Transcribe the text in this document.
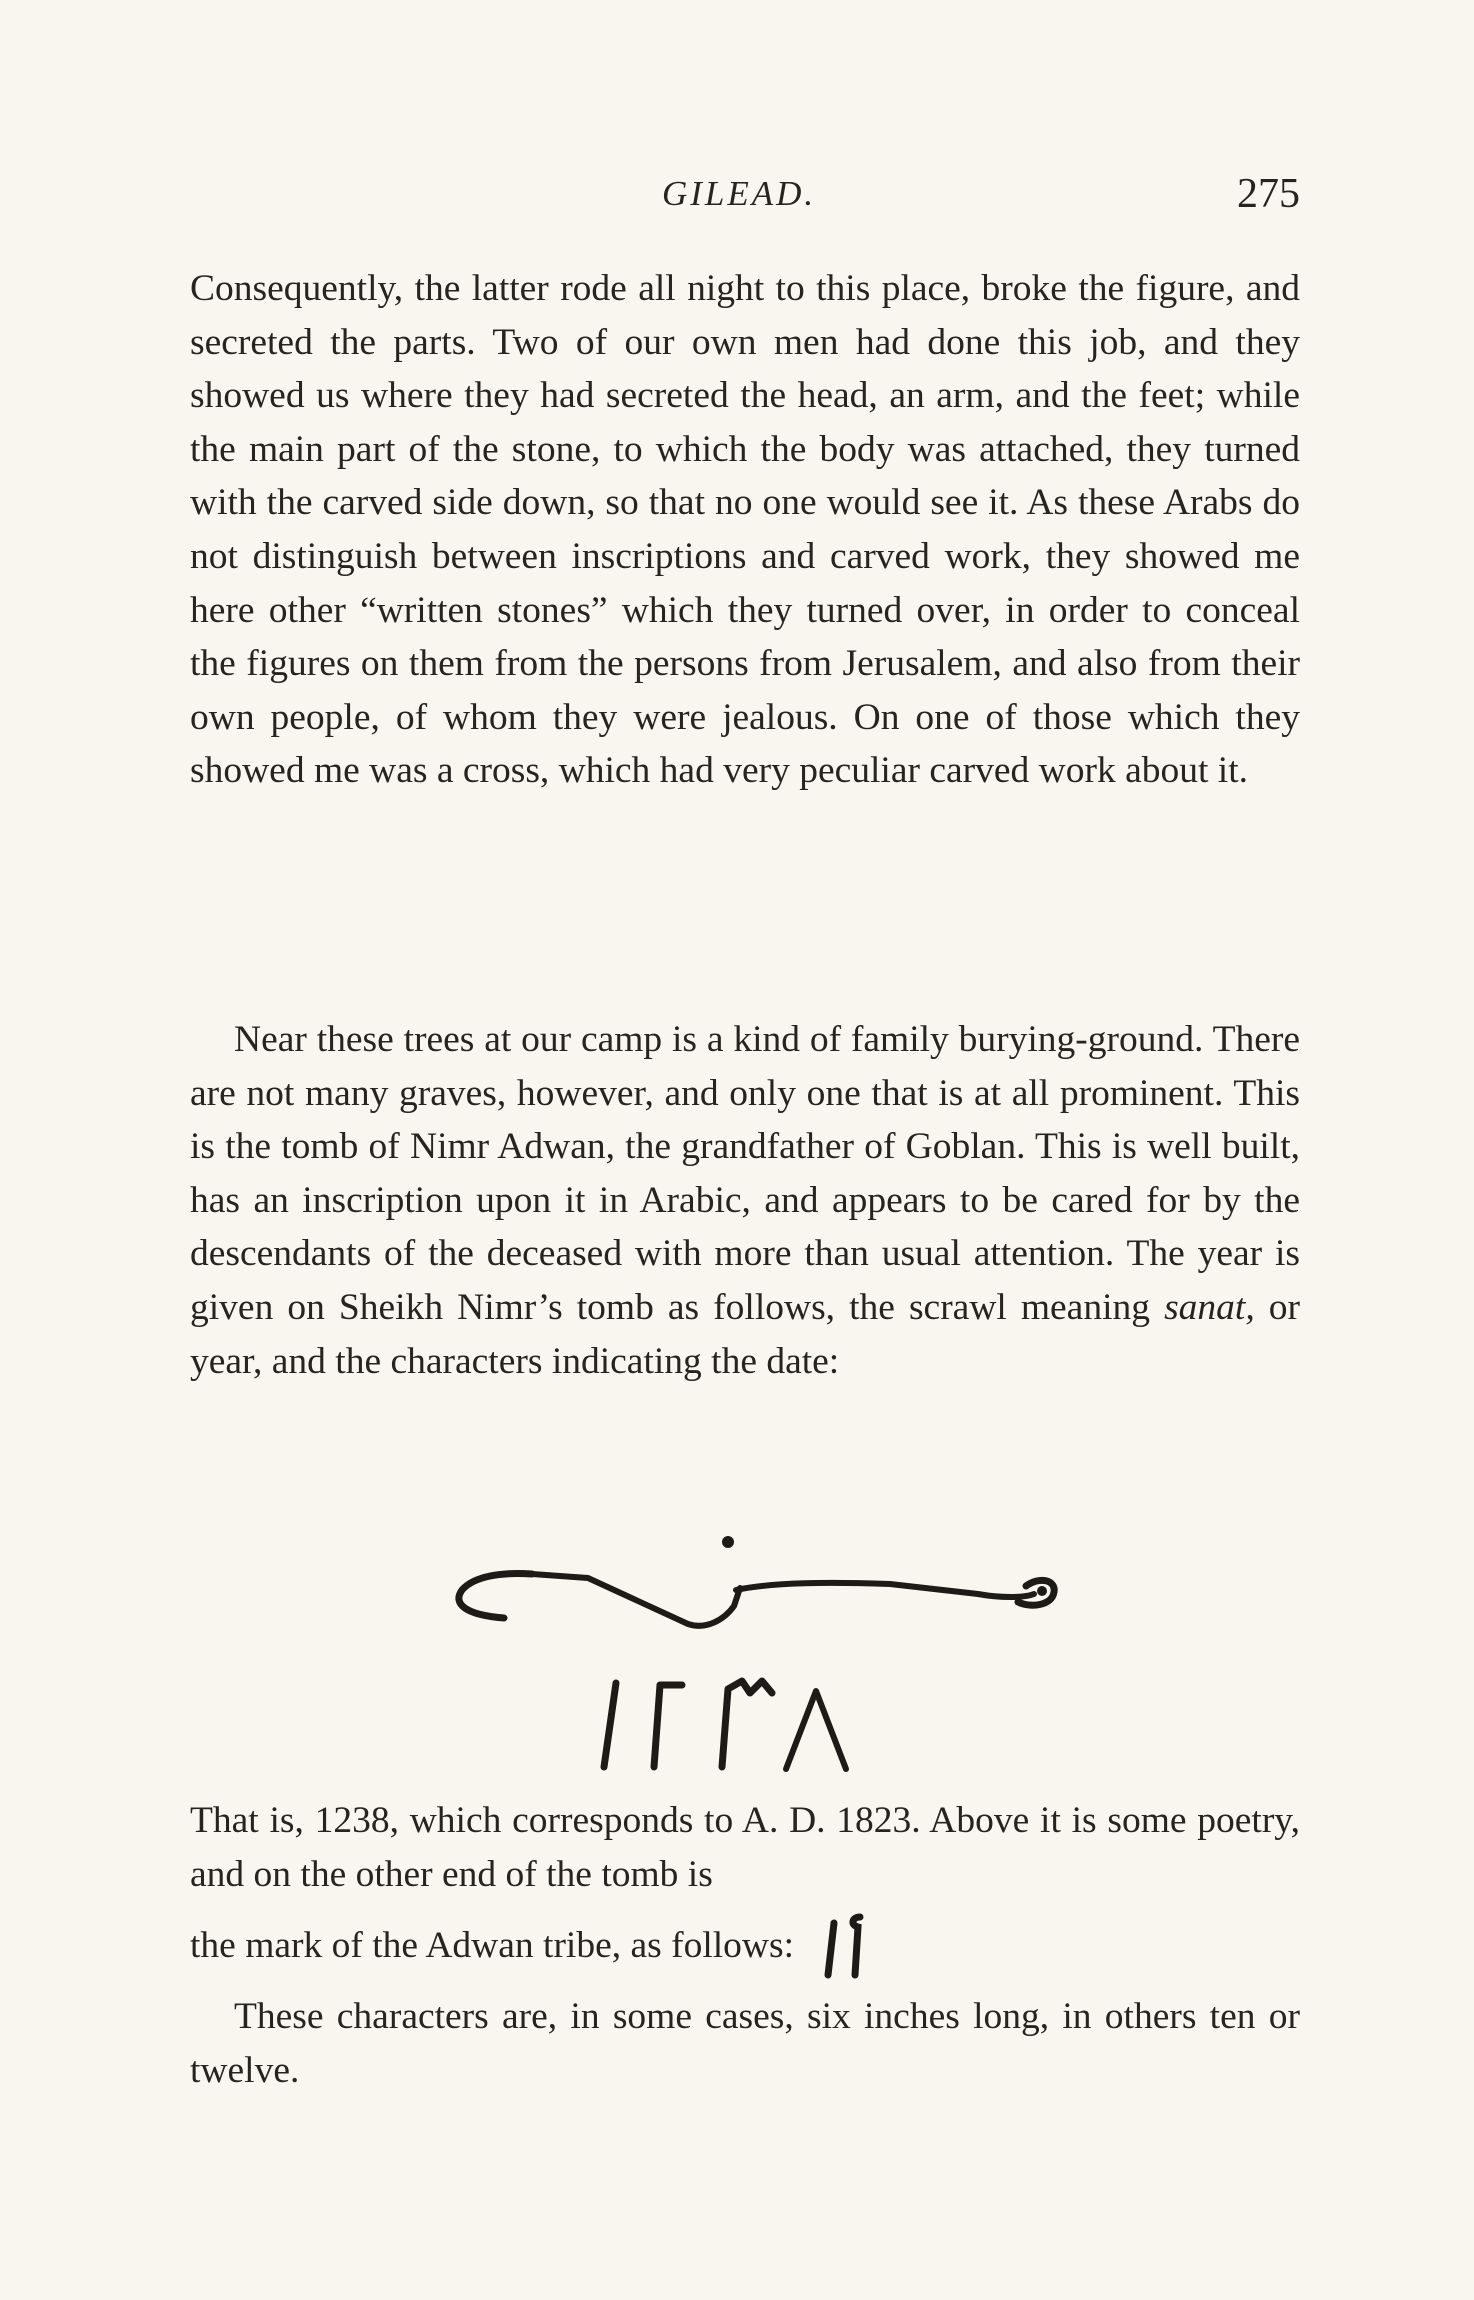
GILEAD.	275

Consequently, the latter rode all night to this place, broke the figure, and secreted the parts. Two of our own men had done this job, and they showed us where they had secreted the head, an arm, and the feet; while the main part of the stone, to which the body was attached, they turned with the carved side down, so that no one would see it. As these Arabs do not distinguish between inscriptions and carved work, they showed me here other “written stones” which they turned over, in order to conceal the figures on them from the persons from Jerusalem, and also from their own people, of whom they were jealous. On one of those which they showed me was a cross, which had very peculiar carved work about it.

Near these trees at our camp is a kind of family burying-ground. There are not many graves, however, and only one that is at all prominent. This is the tomb of Nimr Adwan, the grandfather of Goblan. This is well built, has an inscription upon it in Arabic, and appears to be cared for by the descendants of the deceased with more than usual attention. The year is given on Sheikh Nimr’s tomb as follows, the scrawl meaning sanat, or year, and the characters indicating the date:

That is, 1238, which corresponds to A. D. 1823. Above it is some poetry, and on the other end of the tomb is

the mark of the Adwan tribe, as follows:

These characters are, in some cases, six inches long, in others ten or twelve.
